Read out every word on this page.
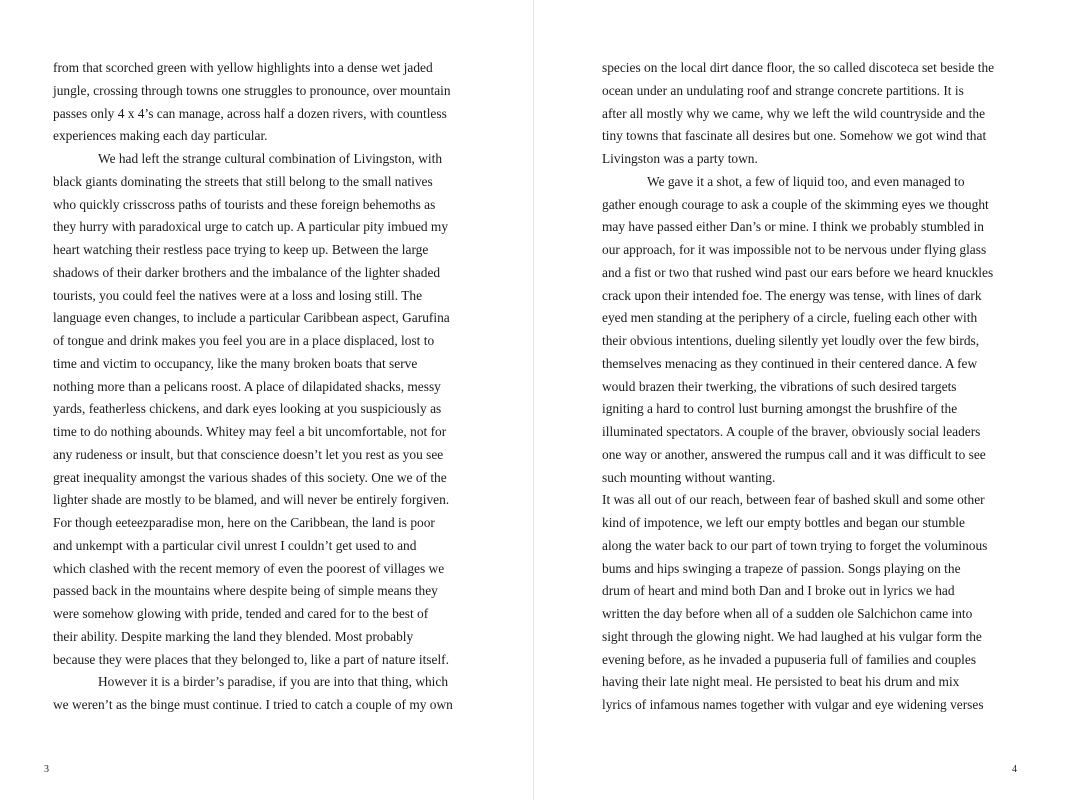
from that scorched green with yellow highlights into a dense wet jaded
jungle, crossing through towns one struggles to pronounce, over mountain
passes only 4 x 4’s can manage, across half a dozen rivers, with countless
experiences making each day particular.
We had left the strange cultural combination of Livingston, with
black giants dominating the streets that still belong to the small natives
who quickly crisscross paths of tourists and these foreign behemoths as
they hurry with paradoxical urge to catch up. A particular pity imbued my
heart watching their restless pace trying to keep up. Between the large
shadows of their darker brothers and the imbalance of the lighter shaded
tourists, you could feel the natives were at a loss and losing still. The
language even changes, to include a particular Caribbean aspect, Garufina
of tongue and drink makes you feel you are in a place displaced, lost to
time and victim to occupancy, like the many broken boats that serve
nothing more than a pelicans roost. A place of dilapidated shacks, messy
yards, featherless chickens, and dark eyes looking at you suspiciously as
time to do nothing abounds. Whitey may feel a bit uncomfortable, not for
any rudeness or insult, but that conscience doesn’t let you rest as you see
great inequality amongst the various shades of this society. One we of the
lighter shade are mostly to be blamed, and will never be entirely forgiven.
For though eeteezparadise mon, here on the Caribbean, the land is poor
and unkempt with a particular civil unrest I couldn’t get used to and
which clashed with the recent memory of even the poorest of villages we
passed back in the mountains where despite being of simple means they
were somehow glowing with pride, tended and cared for to the best of
their ability. Despite marking the land they blended. Most probably
because they were places that they belonged to, like a part of nature itself.
However it is a birder’s paradise, if you are into that thing, which
we weren’t as the binge must continue. I tried to catch a couple of my own
3
species on the local dirt dance floor, the so called discoteca set beside the
ocean under an undulating roof and strange concrete partitions. It is
after all mostly why we came, why we left the wild countryside and the
tiny towns that fascinate all desires but one. Somehow we got wind that
Livingston was a party town.
We gave it a shot, a few of liquid too, and even managed to
gather enough courage to ask a couple of the skimming eyes we thought
may have passed either Dan’s or mine. I think we probably stumbled in
our approach, for it was impossible not to be nervous under flying glass
and a fist or two that rushed wind past our ears before we heard knuckles
crack upon their intended foe. The energy was tense, with lines of dark
eyed men standing at the periphery of a circle, fueling each other with
their obvious intentions, dueling silently yet loudly over the few birds,
themselves menacing as they continued in their centered dance. A few
would brazen their twerking, the vibrations of such desired targets
igniting a hard to control lust burning amongst the brushfire of the
illuminated spectators. A couple of the braver, obviously social leaders
one way or another, answered the rumpus call and it was difficult to see
such mounting without wanting.
It was all out of our reach, between fear of bashed skull and some other
kind of impotence, we left our empty bottles and began our stumble
along the water back to our part of town trying to forget the voluminous
bums and hips swinging a trapeze of passion. Songs playing on the
drum of heart and mind both Dan and I broke out in lyrics we had
written the day before when all of a sudden ole Salchichon came into
sight through the glowing night. We had laughed at his vulgar form the
evening before, as he invaded a pupuseria full of families and couples
having their late night meal. He persisted to beat his drum and mix
lyrics of infamous names together with vulgar and eye widening verses
4
